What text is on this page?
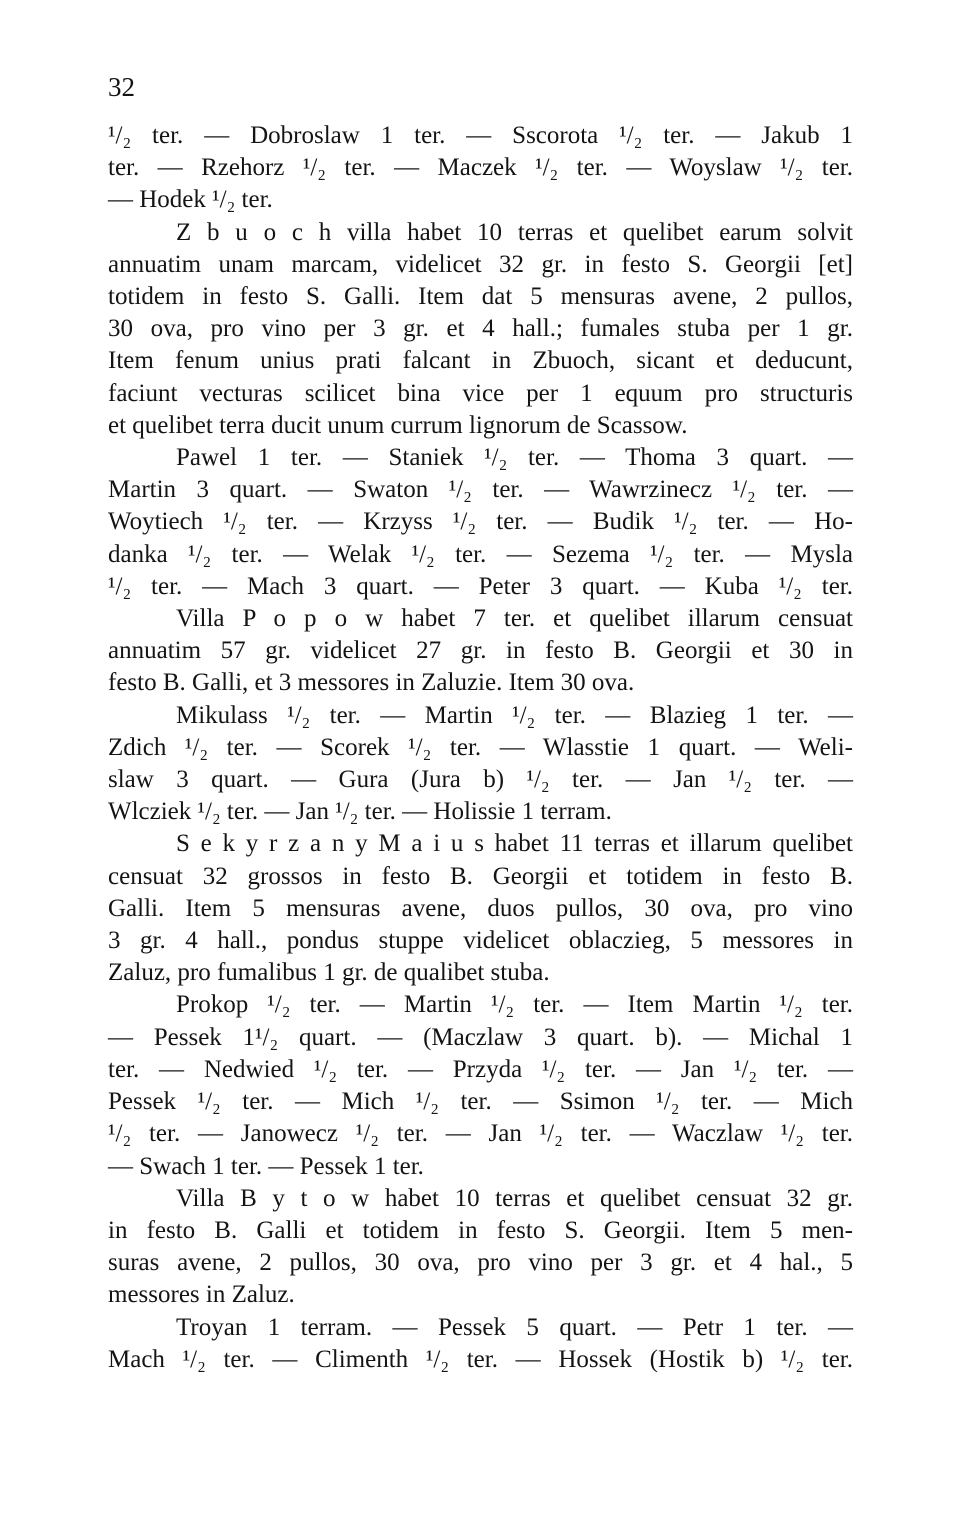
32
¹/₂ ter. — Dobroslaw 1 ter. — Sscorota ¹/₂ ter. — Jakub 1
ter. — Rzehorz ¹/₂ ter. — Maczek ¹/₂ ter. — Woyslaw ¹/₂ ter.
— Hodek ¹/₂ ter.
Z b u o c h villa habet 10 terras et quelibet earum solvit
annuatim unam marcam, videlicet 32 gr. in festo S. Georgii [et]
totidem in festo S. Galli. Item dat 5 mensuras avene, 2 pullos,
30 ova, pro vino per 3 gr. et 4 hall.; fumales stuba per 1 gr.
Item fenum unius prati falcant in Zbuoch, sicant et deducunt,
faciunt vecturas scilicet bina vice per 1 equum pro structuris
et quelibet terra ducit unum currum lignorum de Scassow.
Pawel 1 ter. — Staniek ¹/₂ ter. — Thoma 3 quart. —
Martin 3 quart. — Swaton ¹/₂ ter. — Wawrzinecz ¹/₂ ter. —
Woytiech ¹/₂ ter. — Krzyss ¹/₂ ter. — Budik ¹/₂ ter. — Ho-
danka ¹/₂ ter. — Welak ¹/₂ ter. — Sezema ¹/₂ ter. — Mysla
¹/₂ ter. — Mach 3 quart. — Peter 3 quart. — Kuba ¹/₂ ter.
Villa P o p o w habet 7 ter. et quelibet illarum censuat
annuatim 57 gr. videlicet 27 gr. in festo B. Georgii et 30 in
festo B. Galli, et 3 messores in Zaluzie. Item 30 ova.
Mikulass ¹/₂ ter. — Martin ¹/₂ ter. — Blazieg 1 ter. —
Zdich ¹/₂ ter. — Scorek ¹/₂ ter. — Wlasstie 1 quart. — Weli-
slaw 3 quart. — Gura (Jura b) ¹/₂ ter. — Jan ¹/₂ ter. —
Wlcziek ¹/₂ ter. — Jan ¹/₂ ter. — Holissie 1 terram.
S e k y r z a n y M a i u s habet 11 terras et illarum quelibet
censuat 32 grossos in festo B. Georgii et totidem in festo B.
Galli. Item 5 mensuras avene, duos pullos, 30 ova, pro vino
3 gr. 4 hall., pondus stuppe videlicet oblaczieg, 5 messores in
Zaluz, pro fumalibus 1 gr. de qualibet stuba.
Prokop ¹/₂ ter. — Martin ¹/₂ ter. — Item Martin ¹/₂ ter.
— Pessek 1¹/₂ quart. — (Maczlaw 3 quart. b). — Michal 1
ter. — Nedwied ¹/₂ ter. — Przyda ¹/₂ ter. — Jan ¹/₂ ter. —
Pessek ¹/₂ ter. — Mich ¹/₂ ter. — Ssimon ¹/₂ ter. — Mich
¹/₂ ter. — Janowecz ¹/₂ ter. — Jan ¹/₂ ter. — Waczlaw ¹/₂ ter.
— Swach 1 ter. — Pessek 1 ter.
Villa B y t o w habet 10 terras et quelibet censuat 32 gr.
in festo B. Galli et totidem in festo S. Georgii. Item 5 men-
suras avene, 2 pullos, 30 ova, pro vino per 3 gr. et 4 hal., 5
messores in Zaluz.
Troyan 1 terram. — Pessek 5 quart. — Petr 1 ter. —
Mach ¹/₂ ter. — Climenth ¹/₂ ter. — Hossek (Hostik b) ¹/₂ ter.
